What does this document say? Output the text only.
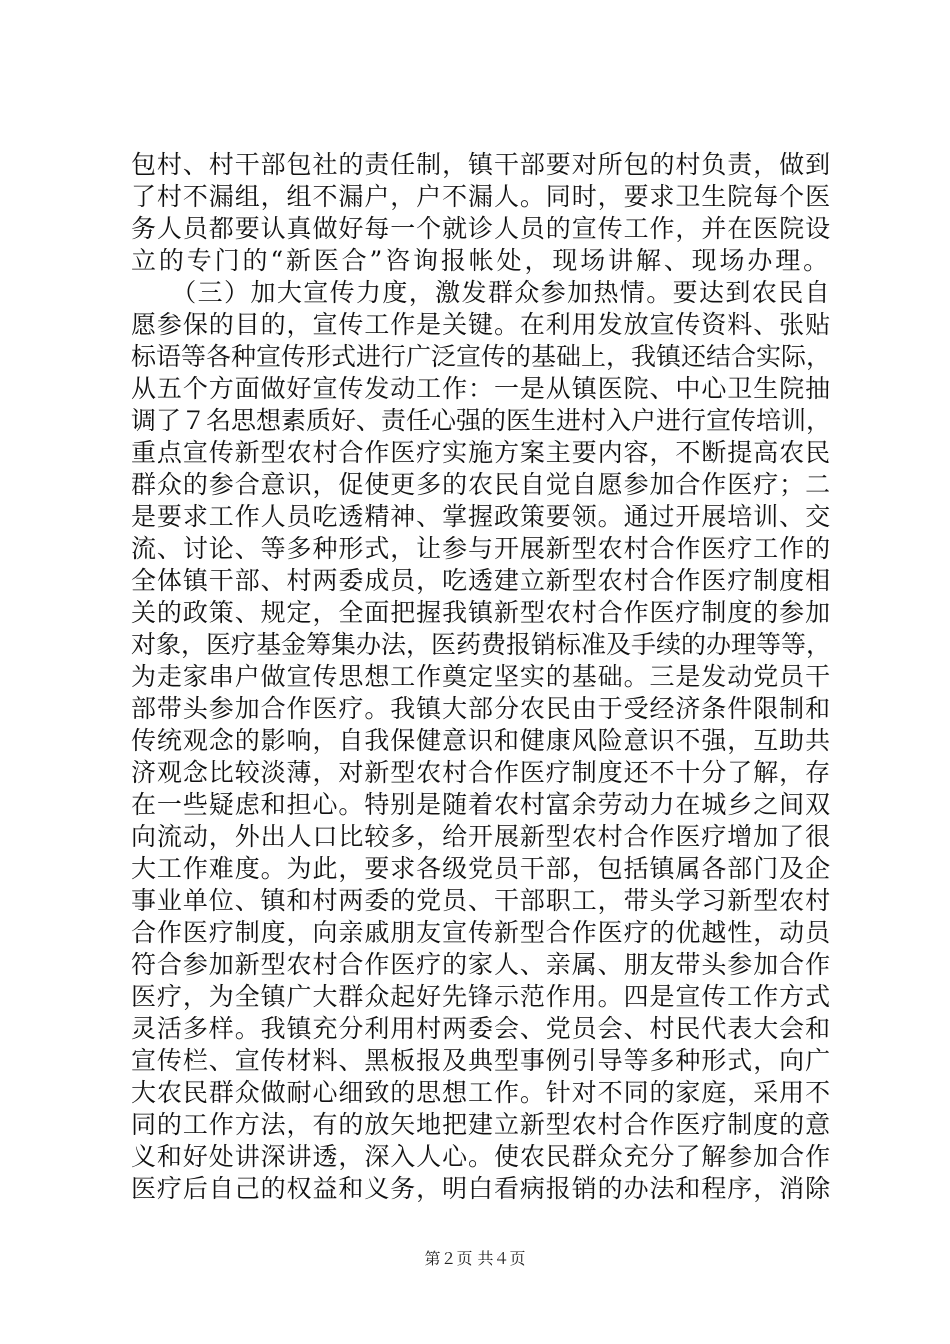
包村、村干部包社的责任制，镇干部要对所包的村负责，做到
了村不漏组，组不漏户，户不漏人。同时，要求卫生院每个医
务人员都要认真做好每一个就诊人员的宣传工作，并在医院设
立的专门的“新医合”咨询报帐处，现场讲解、现场办理。
　　（三）加大宣传力度，激发群众参加热情。要达到农民自
愿参保的目的，宣传工作是关键。在利用发放宣传资料、张贴
标语等各种宣传形式进行广泛宣传的基础上，我镇还结合实际，
从五个方面做好宣传发动工作：一是从镇医院、中心卫生院抽
调了７名思想素质好、责任心强的医生进村入户进行宣传培训，
重点宣传新型农村合作医疗实施方案主要内容，不断提高农民
群众的参合意识，促使更多的农民自觉自愿参加合作医疗；二
是要求工作人员吃透精神、掌握政策要领。通过开展培训、交
流、讨论、等多种形式，让参与开展新型农村合作医疗工作的
全体镇干部、村两委成员，吃透建立新型农村合作医疗制度相
关的政策、规定，全面把握我镇新型农村合作医疗制度的参加
对象，医疗基金筹集办法，医药费报销标准及手续的办理等等，
为走家串户做宣传思想工作奠定坚实的基础。三是发动党员干
部带头参加合作医疗。我镇大部分农民由于受经济条件限制和
传统观念的影响，自我保健意识和健康风险意识不强，互助共
济观念比较淡薄，对新型农村合作医疗制度还不十分了解，存
在一些疑虑和担心。特别是随着农村富余劳动力在城乡之间双
向流动，外出人口比较多，给开展新型农村合作医疗增加了很
大工作难度。为此，要求各级党员干部，包括镇属各部门及企
事业单位、镇和村两委的党员、干部职工，带头学习新型农村
合作医疗制度，向亲戚朋友宣传新型合作医疗的优越性，动员
符合参加新型农村合作医疗的家人、亲属、朋友带头参加合作
医疗，为全镇广大群众起好先锋示范作用。四是宣传工作方式
灵活多样。我镇充分利用村两委会、党员会、村民代表大会和
宣传栏、宣传材料、黑板报及典型事例引导等多种形式，向广
大农民群众做耐心细致的思想工作。针对不同的家庭，采用不
同的工作方法，有的放矢地把建立新型农村合作医疗制度的意
义和好处讲深讲透，深入人心。使农民群众充分了解参加合作
医疗后自己的权益和义务，明白看病报销的办法和程序，消除
第２页 共４页
